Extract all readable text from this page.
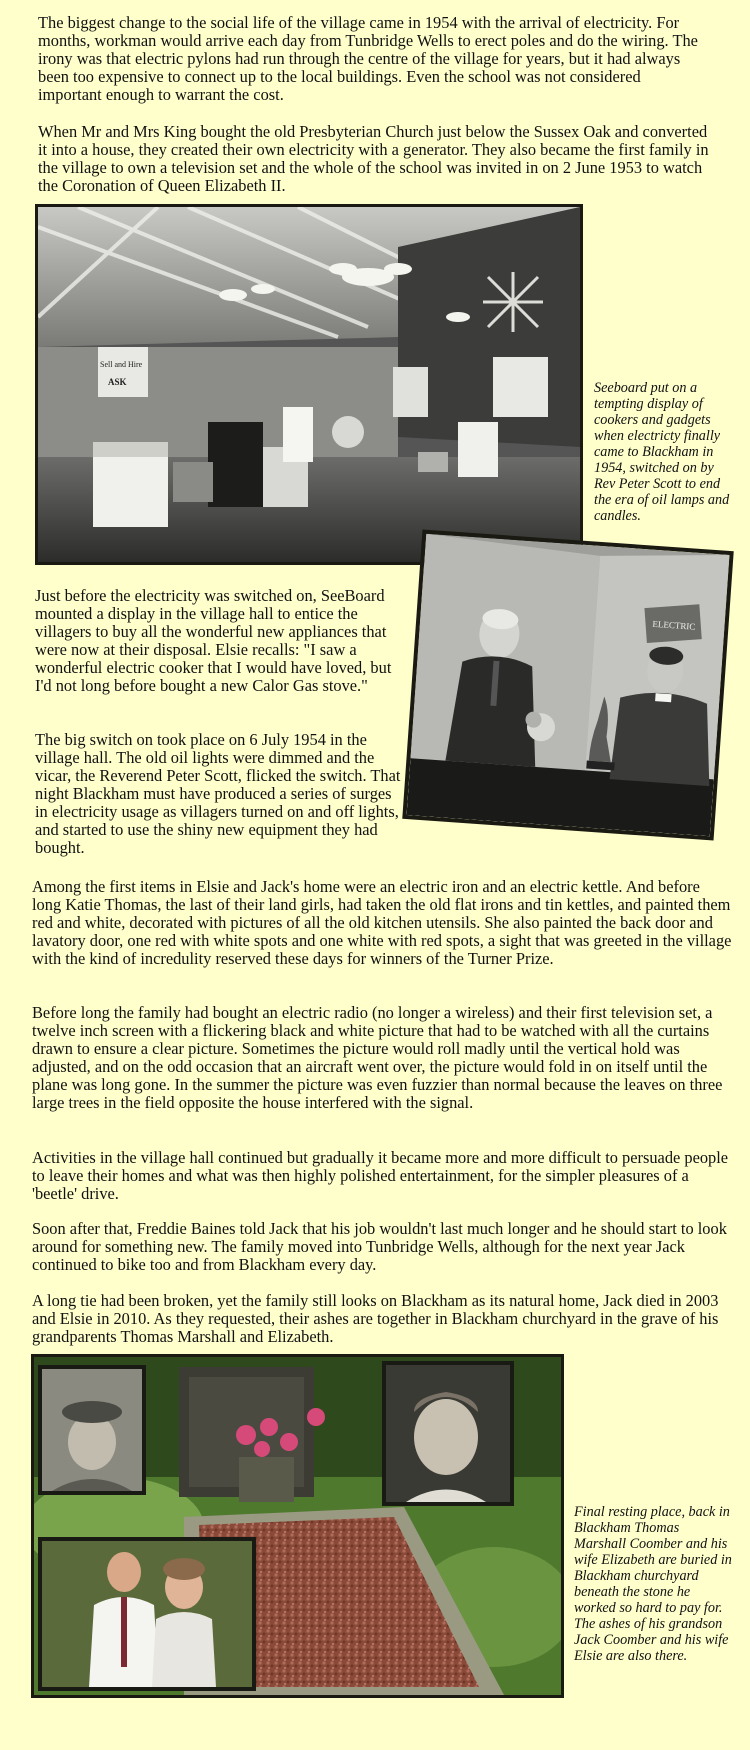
The biggest change to the social life of the village came in 1954 with the arrival of electricity. For months, workman would arrive each day from Tunbridge Wells to erect poles and do the wiring. The irony was that electric pylons had run through the centre of the village for years, but it had always been too expensive to connect up to the local buildings. Even the school was not considered important enough to warrant the cost.

When Mr and Mrs King bought the old Presbyterian Church just below the Sussex Oak and converted it into a house, they created their own electricity with a generator. They also became the first family in the village to own a television set and the whole of the school was invited in on 2 June 1953 to watch the Coronation of Queen Elizabeth II.

Sell and Hire
ASK	Seeboard put on a tempting display of cookers and gadgets when electricty finally came to Blackham in 1954, switched on by Rev Peter Scott to end the era of oil lamps and candles.

ELECTRIC

Just before the electricity was switched on, SeeBoard mounted a display in the village hall to entice the villagers to buy all the wonderful new appliances that were now at their disposal. Elsie recalls: "I saw a wonderful electric cooker that I would have loved, but I'd not long before bought a new Calor Gas stove."

The big switch on took place on 6 July 1954 in the village hall. The old oil lights were dimmed and the vicar, the Reverend Peter Scott, flicked the switch. That night Blackham must have produced a series of surges in electricity usage as villagers turned on and off lights, and started to use the shiny new equipment they had bought.

Among the first items in Elsie and Jack's home were an electric iron and an electric kettle. And before long Katie Thomas, the last of their land girls, had taken the old flat irons and tin kettles, and painted them red and white, decorated with pictures of all the old kitchen utensils. She also painted the back door and lavatory door, one red with white spots and one white with red spots, a sight that was greeted in the village with the kind of incredulity reserved these days for winners of the Turner Prize.

Before long the family had bought an electric radio (no longer a wireless) and their first television set, a twelve inch screen with a flickering black and white picture that had to be watched with all the curtains drawn to ensure a clear picture. Sometimes the picture would roll madly until the vertical hold was adjusted, and on the odd occasion that an aircraft went over, the picture would fold in on itself until the plane was long gone. In the summer the picture was even fuzzier than normal because the leaves on three large trees in the field opposite the house interfered with the signal.

Activities in the village hall continued but gradually it became more and more difficult to persuade people to leave their homes and what was then highly polished entertainment, for the simpler pleasures of a 'beetle' drive.

Soon after that, Freddie Baines told Jack that his job wouldn't last much longer and he should start to look around for something new. The family moved into Tunbridge Wells, although for the next year Jack continued to bike too and from Blackham every day.

A long tie had been broken, yet the family still looks on Blackham as its natural home, Jack died in 2003 and Elsie in 2010. As they requested, their ashes are together in Blackham churchyard in the grave of his grandparents Thomas Marshall and Elizabeth.

Final resting place, back in Blackham Thomas Marshall Coomber and his wife Elizabeth are buried in Blackham churchyard beneath the stone he worked so hard to pay for. The ashes of his grandson Jack Coomber and his wife Elsie are also there.
